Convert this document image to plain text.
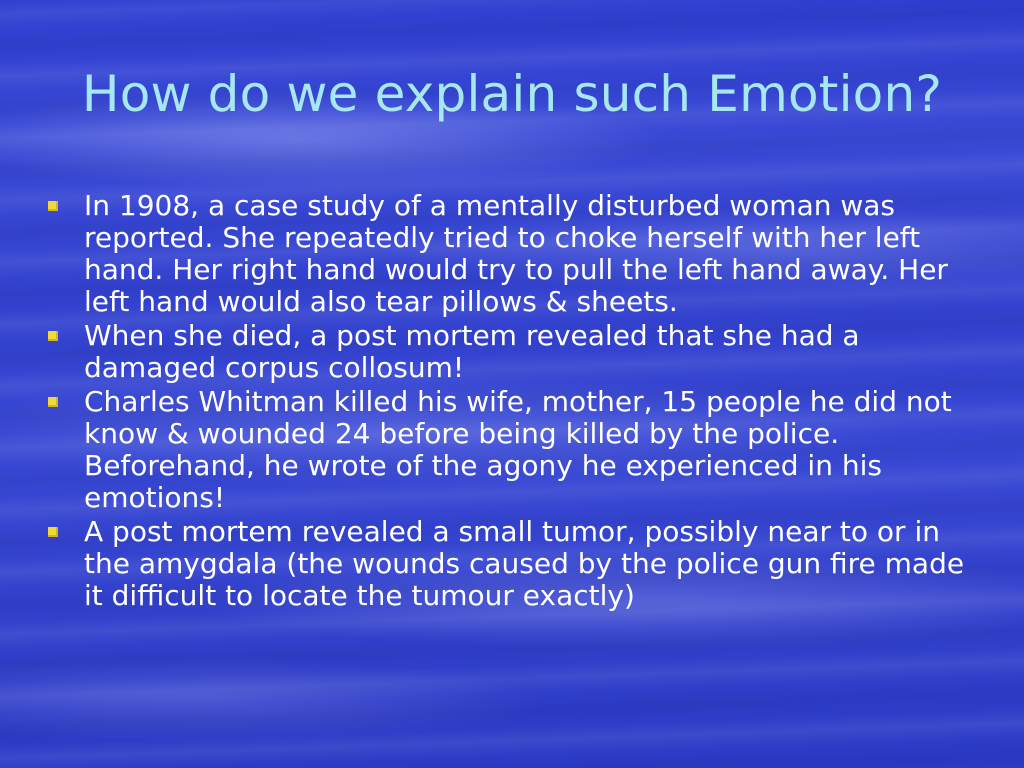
How do we explain such Emotion?
In 1908, a case study of a mentally disturbed woman was reported. She repeatedly tried to choke herself with her left hand. Her right hand would try to pull the left hand away. Her left hand would also tear pillows & sheets.
When she died, a post mortem revealed that she had a damaged corpus collosum!
Charles Whitman killed his wife, mother, 15 people he did not know & wounded 24 before being killed by the police. Beforehand, he wrote of the agony he experienced in his emotions!
A post mortem revealed a small tumor, possibly near to or in the amygdala (the wounds caused by the police gun fire made it difficult to locate the tumour exactly)
